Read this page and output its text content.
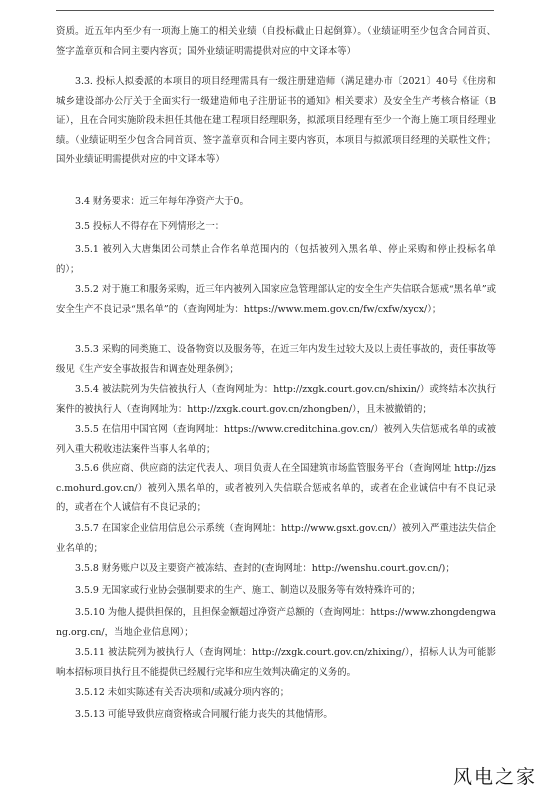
资质。近五年内至少有一项海上施工的相关业绩（自投标截止日起倒算）。（业绩证明至少包含合同首页、签字盖章页和合同主要内容页；国外业绩证明需提供对应的中文译本等）
3.3. 投标人拟委派的本项目的项目经理需具有一级注册建造师（满足建办市〔2021〕40号《住房和城乡建设部办公厅关于全面实行一级建造师电子注册证书的通知》相关要求）及安全生产考核合格证（B证），且在合同实施阶段未担任其他在建工程项目经理职务，拟派项目经理有至少一个海上施工项目经理业绩。（业绩证明至少包含合同首页、签字盖章页和合同主要内容页，本项目与拟派项目经理的关联性文件；国外业绩证明需提供对应的中文译本等）
3.4 财务要求：近三年每年净资产大于0。
3.5 投标人不得存在下列情形之一：
3.5.1 被列入大唐集团公司禁止合作名单范围内的（包括被列入黑名单、停止采购和停止投标名单的）；
3.5.2 对于施工和服务采购，近三年内被列入国家应急管理部认定的安全生产失信联合惩戒“黑名单”或安全生产不良记录“黑名单”的（查询网址为：https://www.mem.gov.cn/fw/cxfw/xycx/）；
3.5.3 采购的同类施工、设备物资以及服务等，在近三年内发生过较大及以上责任事故的，责任事故等级见《生产安全事故报告和调查处理条例》；
3.5.4 被法院列为失信被执行人（查询网址为：http://zxgk.court.gov.cn/shixin/）或终结本次执行案件的被执行人（查询网址为：http://zxgk.court.gov.cn/zhongben/），且未被撤销的；
3.5.5 在信用中国官网（查询网址：https://www.creditchina.gov.cn/）被列入失信惩戒名单的或被列入重大税收违法案件当事人名单的；
3.5.6 供应商、供应商的法定代表人、项目负责人在全国建筑市场监管服务平台（查询网址 http://jzsc.mohurd.gov.cn/）被列入黑名单的，或者被列入失信联合惩戒名单的，或者在企业诚信中有不良记录的，或者在个人诚信有不良记录的；
3.5.7 在国家企业信用信息公示系统（查询网址：http://www.gsxt.gov.cn/）被列入严重违法失信企业名单的；
3.5.8 财务账户以及主要资产被冻结、查封的(查询网址：http://wenshu.court.gov.cn/)；
3.5.9 无国家或行业协会强制要求的生产、施工、制造以及服务等有效特殊许可的；
3.5.10 为他人提供担保的，且担保金额超过净资产总额的（查询网址：https://www.zhongdengwang.org.cn/，当地企业信息网）；
3.5.11 被法院列为被执行人（查询网址：http://zxgk.court.gov.cn/zhixing/），招标人认为可能影响本招标项目执行且不能提供已经履行完毕和应生效判决确定的义务的。
3.5.12 未如实陈述有关否决项和/或减分项内容的；
3.5.13 可能导致供应商资格或合同履行能力丧失的其他情形。
风电之家
